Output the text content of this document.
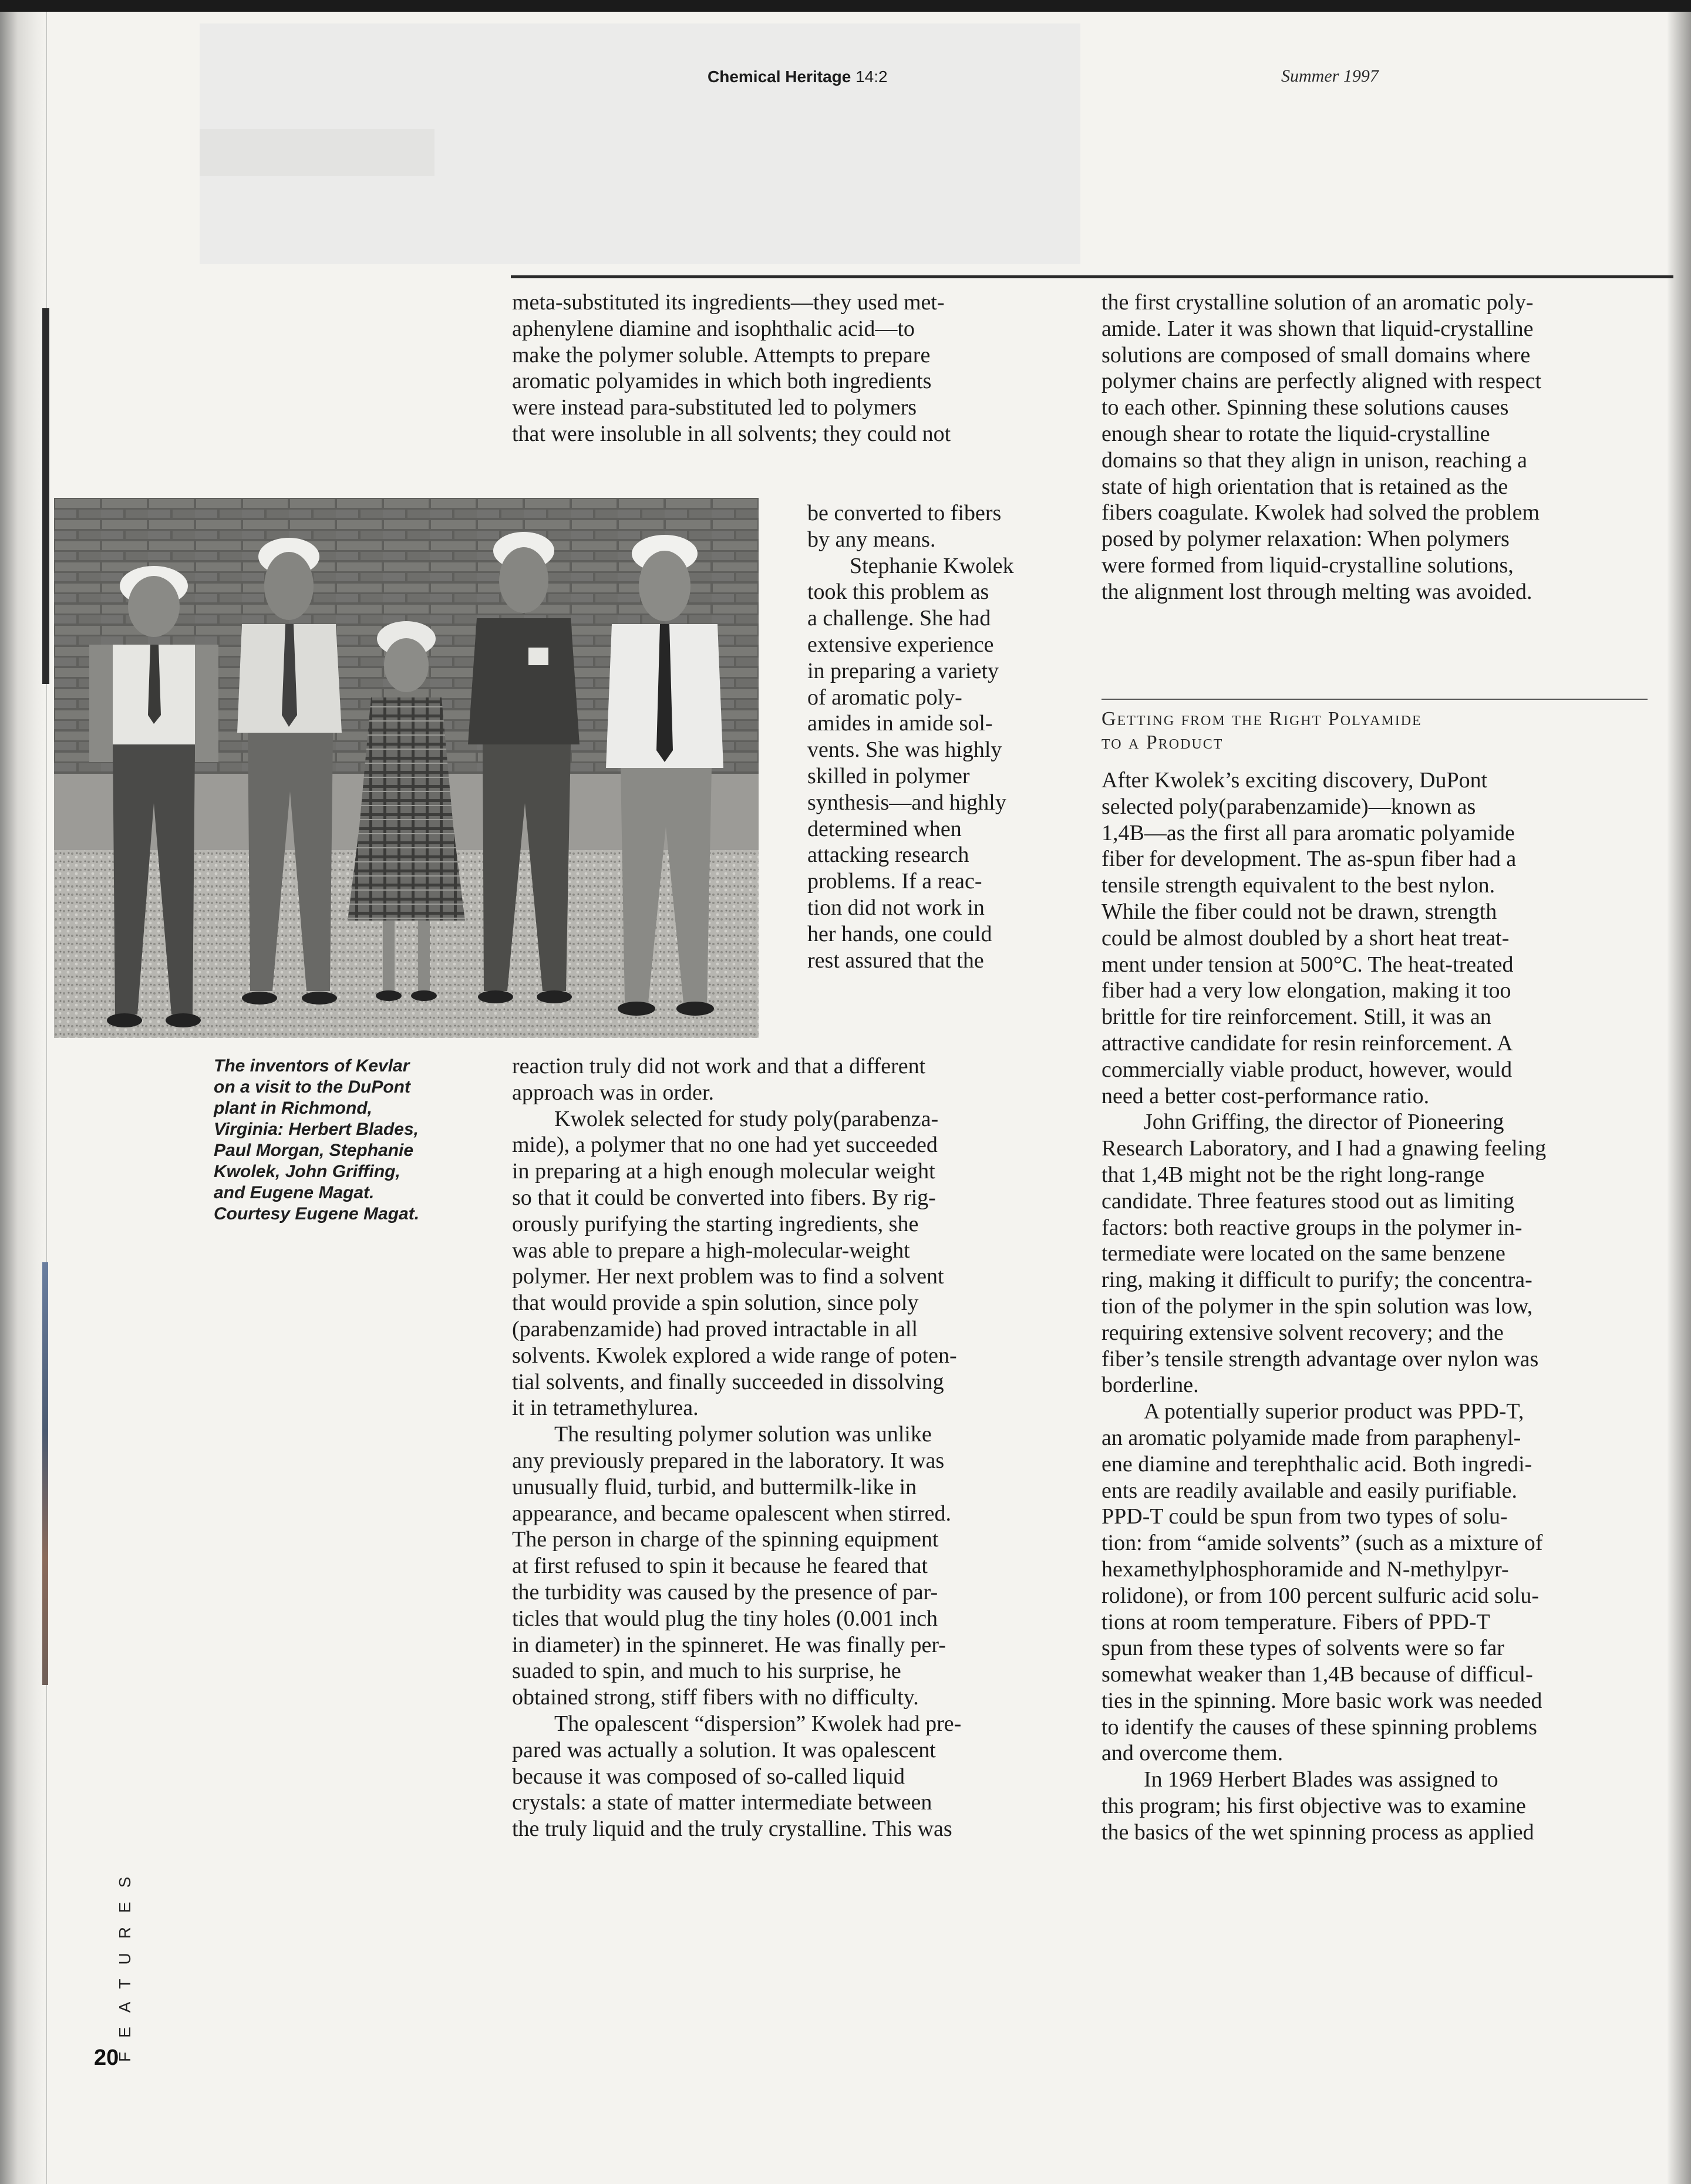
Chemical Heritage 14:2	Summer 1997
The inventors of Kevlar
on a visit to the DuPont
plant in Richmond,
Virginia: Herbert Blades,
Paul Morgan, Stephanie
Kwolek, John Griffing,
and Eugene Magat.
Courtesy Eugene Magat.
meta-substituted its ingredients—they used met-
aphenylene diamine and isophthalic acid—to
make the polymer soluble. Attempts to prepare
aromatic polyamides in which both ingredients
were instead para-substituted led to polymers
that were insoluble in all solvents; they could not
be converted to fibers
by any means.
Stephanie Kwolek
took this problem as
a challenge. She had
extensive experience
in preparing a variety
of aromatic poly-
amides in amide sol-
vents. She was highly
skilled in polymer
synthesis—and highly
determined when
attacking research
problems. If a reac-
tion did not work in
her hands, one could
rest assured that the
reaction truly did not work and that a different
approach was in order.
Kwolek selected for study poly(parabenza-
mide), a polymer that no one had yet succeeded
in preparing at a high enough molecular weight
so that it could be converted into fibers. By rig-
orously purifying the starting ingredients, she
was able to prepare a high-molecular-weight
polymer. Her next problem was to find a solvent
that would provide a spin solution, since poly
(parabenzamide) had proved intractable in all
solvents. Kwolek explored a wide range of poten-
tial solvents, and finally succeeded in dissolving
it in tetramethylurea.
The resulting polymer solution was unlike
any previously prepared in the laboratory. It was
unusually fluid, turbid, and buttermilk-like in
appearance, and became opalescent when stirred.
The person in charge of the spinning equipment
at first refused to spin it because he feared that
the turbidity was caused by the presence of par-
ticles that would plug the tiny holes (0.001 inch
in diameter) in the spinneret. He was finally per-
suaded to spin, and much to his surprise, he
obtained strong, stiff fibers with no difficulty.
The opalescent “dispersion” Kwolek had pre-
pared was actually a solution. It was opalescent
because it was composed of so-called liquid
crystals: a state of matter intermediate between
the truly liquid and the truly crystalline. This was
the first crystalline solution of an aromatic poly-
amide. Later it was shown that liquid-crystalline
solutions are composed of small domains where
polymer chains are perfectly aligned with respect
to each other. Spinning these solutions causes
enough shear to rotate the liquid-crystalline
domains so that they align in unison, reaching a
state of high orientation that is retained as the
fibers coagulate. Kwolek had solved the problem
posed by polymer relaxation: When polymers
were formed from liquid-crystalline solutions,
the alignment lost through melting was avoided.
Getting from the Right Polyamide
to a Product
After Kwolek’s exciting discovery, DuPont
selected poly(parabenzamide)—known as
1,4B—as the first all para aromatic polyamide
fiber for development. The as-spun fiber had a
tensile strength equivalent to the best nylon.
While the fiber could not be drawn, strength
could be almost doubled by a short heat treat-
ment under tension at 500°C. The heat-treated
fiber had a very low elongation, making it too
brittle for tire reinforcement. Still, it was an
attractive candidate for resin reinforcement. A
commercially viable product, however, would
need a better cost-performance ratio.
John Griffing, the director of Pioneering
Research Laboratory, and I had a gnawing feeling
that 1,4B might not be the right long-range
candidate. Three features stood out as limiting
factors: both reactive groups in the polymer in-
termediate were located on the same benzene
ring, making it difficult to purify; the concentra-
tion of the polymer in the spin solution was low,
requiring extensive solvent recovery; and the
fiber’s tensile strength advantage over nylon was
borderline.
A potentially superior product was PPD-T,
an aromatic polyamide made from paraphenyl-
ene diamine and terephthalic acid. Both ingredi-
ents are readily available and easily purifiable.
PPD-T could be spun from two types of solu-
tion: from “amide solvents” (such as a mixture of
hexamethylphosphoramide and N-methylpyr-
rolidone), or from 100 percent sulfuric acid solu-
tions at room temperature. Fibers of PPD-T
spun from these types of solvents were so far
somewhat weaker than 1,4B because of difficul-
ties in the spinning. More basic work was needed
to identify the causes of these spinning problems
and overcome them.
In 1969 Herbert Blades was assigned to
this program; his first objective was to examine
the basics of the wet spinning process as applied
FEATURES
20
